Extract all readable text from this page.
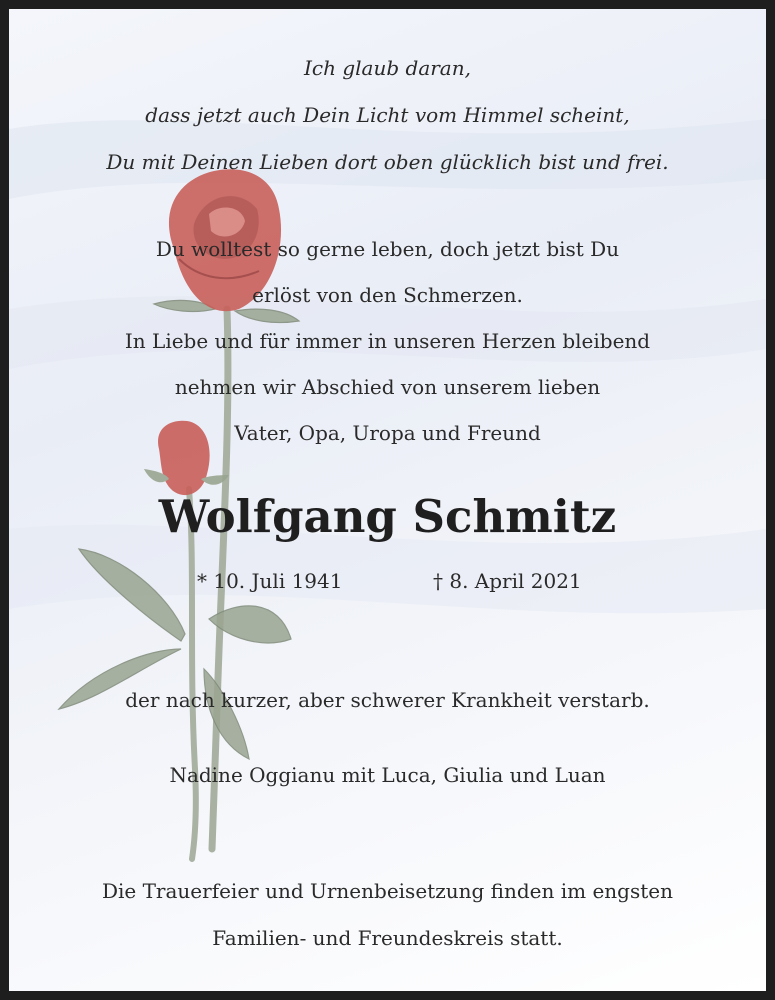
Ich glaub daran,
dass jetzt auch Dein Licht vom Himmel scheint,
Du mit Deinen Lieben dort oben glücklich bist und frei.
Du wolltest so gerne leben, doch jetzt bist Du
erlöst von den Schmerzen.
In Liebe und für immer in unseren Herzen bleibend
nehmen wir Abschied von unserem lieben
Vater, Opa, Uropa und Freund
Wolfgang Schmitz
* 10. Juli 1941	† 8. April 2021
der nach kurzer, aber schwerer Krankheit verstarb.
Nadine Oggianu mit Luca, Giulia und Luan
Die Trauerfeier und Urnenbeisetzung finden im engsten
Familien- und Freundeskreis statt.
